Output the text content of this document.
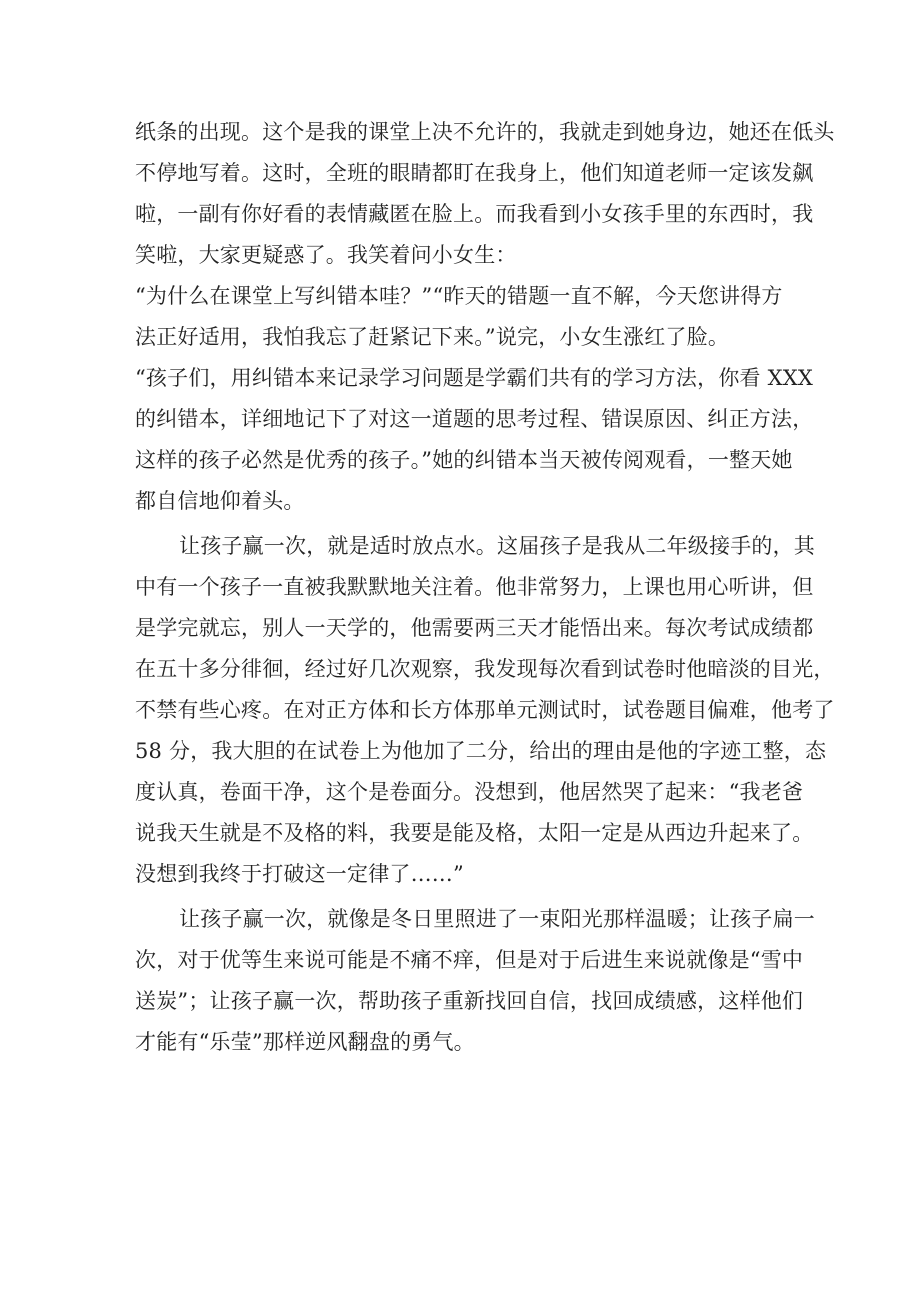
纸条的出现。这个是我的课堂上决不允许的，我就走到她身边，她还在低头
不停地写着。这时，全班的眼睛都盯在我身上，他们知道老师一定该发飙
啦，一副有你好看的表情藏匿在脸上。而我看到小女孩手里的东西时，我
笑啦，大家更疑惑了。我笑着问小女生：
“为什么在课堂上写纠错本哇？”“昨天的错题一直不解，今天您讲得方
法正好适用，我怕我忘了赶紧记下来。”说完，小女生涨红了脸。
“孩子们，用纠错本来记录学习问题是学霸们共有的学习方法，你看 XXX
的纠错本，详细地记下了对这一道题的思考过程、错误原因、纠正方法，
这样的孩子必然是优秀的孩子。”她的纠错本当天被传阅观看，一整天她
都自信地仰着头。
让孩子赢一次，就是适时放点水。这届孩子是我从二年级接手的，其
中有一个孩子一直被我默默地关注着。他非常努力，上课也用心听讲，但
是学完就忘，别人一天学的，他需要两三天才能悟出来。每次考试成绩都
在五十多分徘徊，经过好几次观察，我发现每次看到试卷时他暗淡的目光，
不禁有些心疼。在对正方体和长方体那单元测试时，试卷题目偏难，他考了
58 分，我大胆的在试卷上为他加了二分，给出的理由是他的字迹工整，态
度认真，卷面干净，这个是卷面分。没想到，他居然哭了起来：“我老爸
说我天生就是不及格的料，我要是能及格，太阳一定是从西边升起来了。
没想到我终于打破这一定律了……”
让孩子赢一次，就像是冬日里照进了一束阳光那样温暖；让孩子扁一
次，对于优等生来说可能是不痛不痒，但是对于后进生来说就像是“雪中
送炭”；让孩子赢一次，帮助孩子重新找回自信，找回成绩感，这样他们
才能有“乐莹”那样逆风翻盘的勇气。
